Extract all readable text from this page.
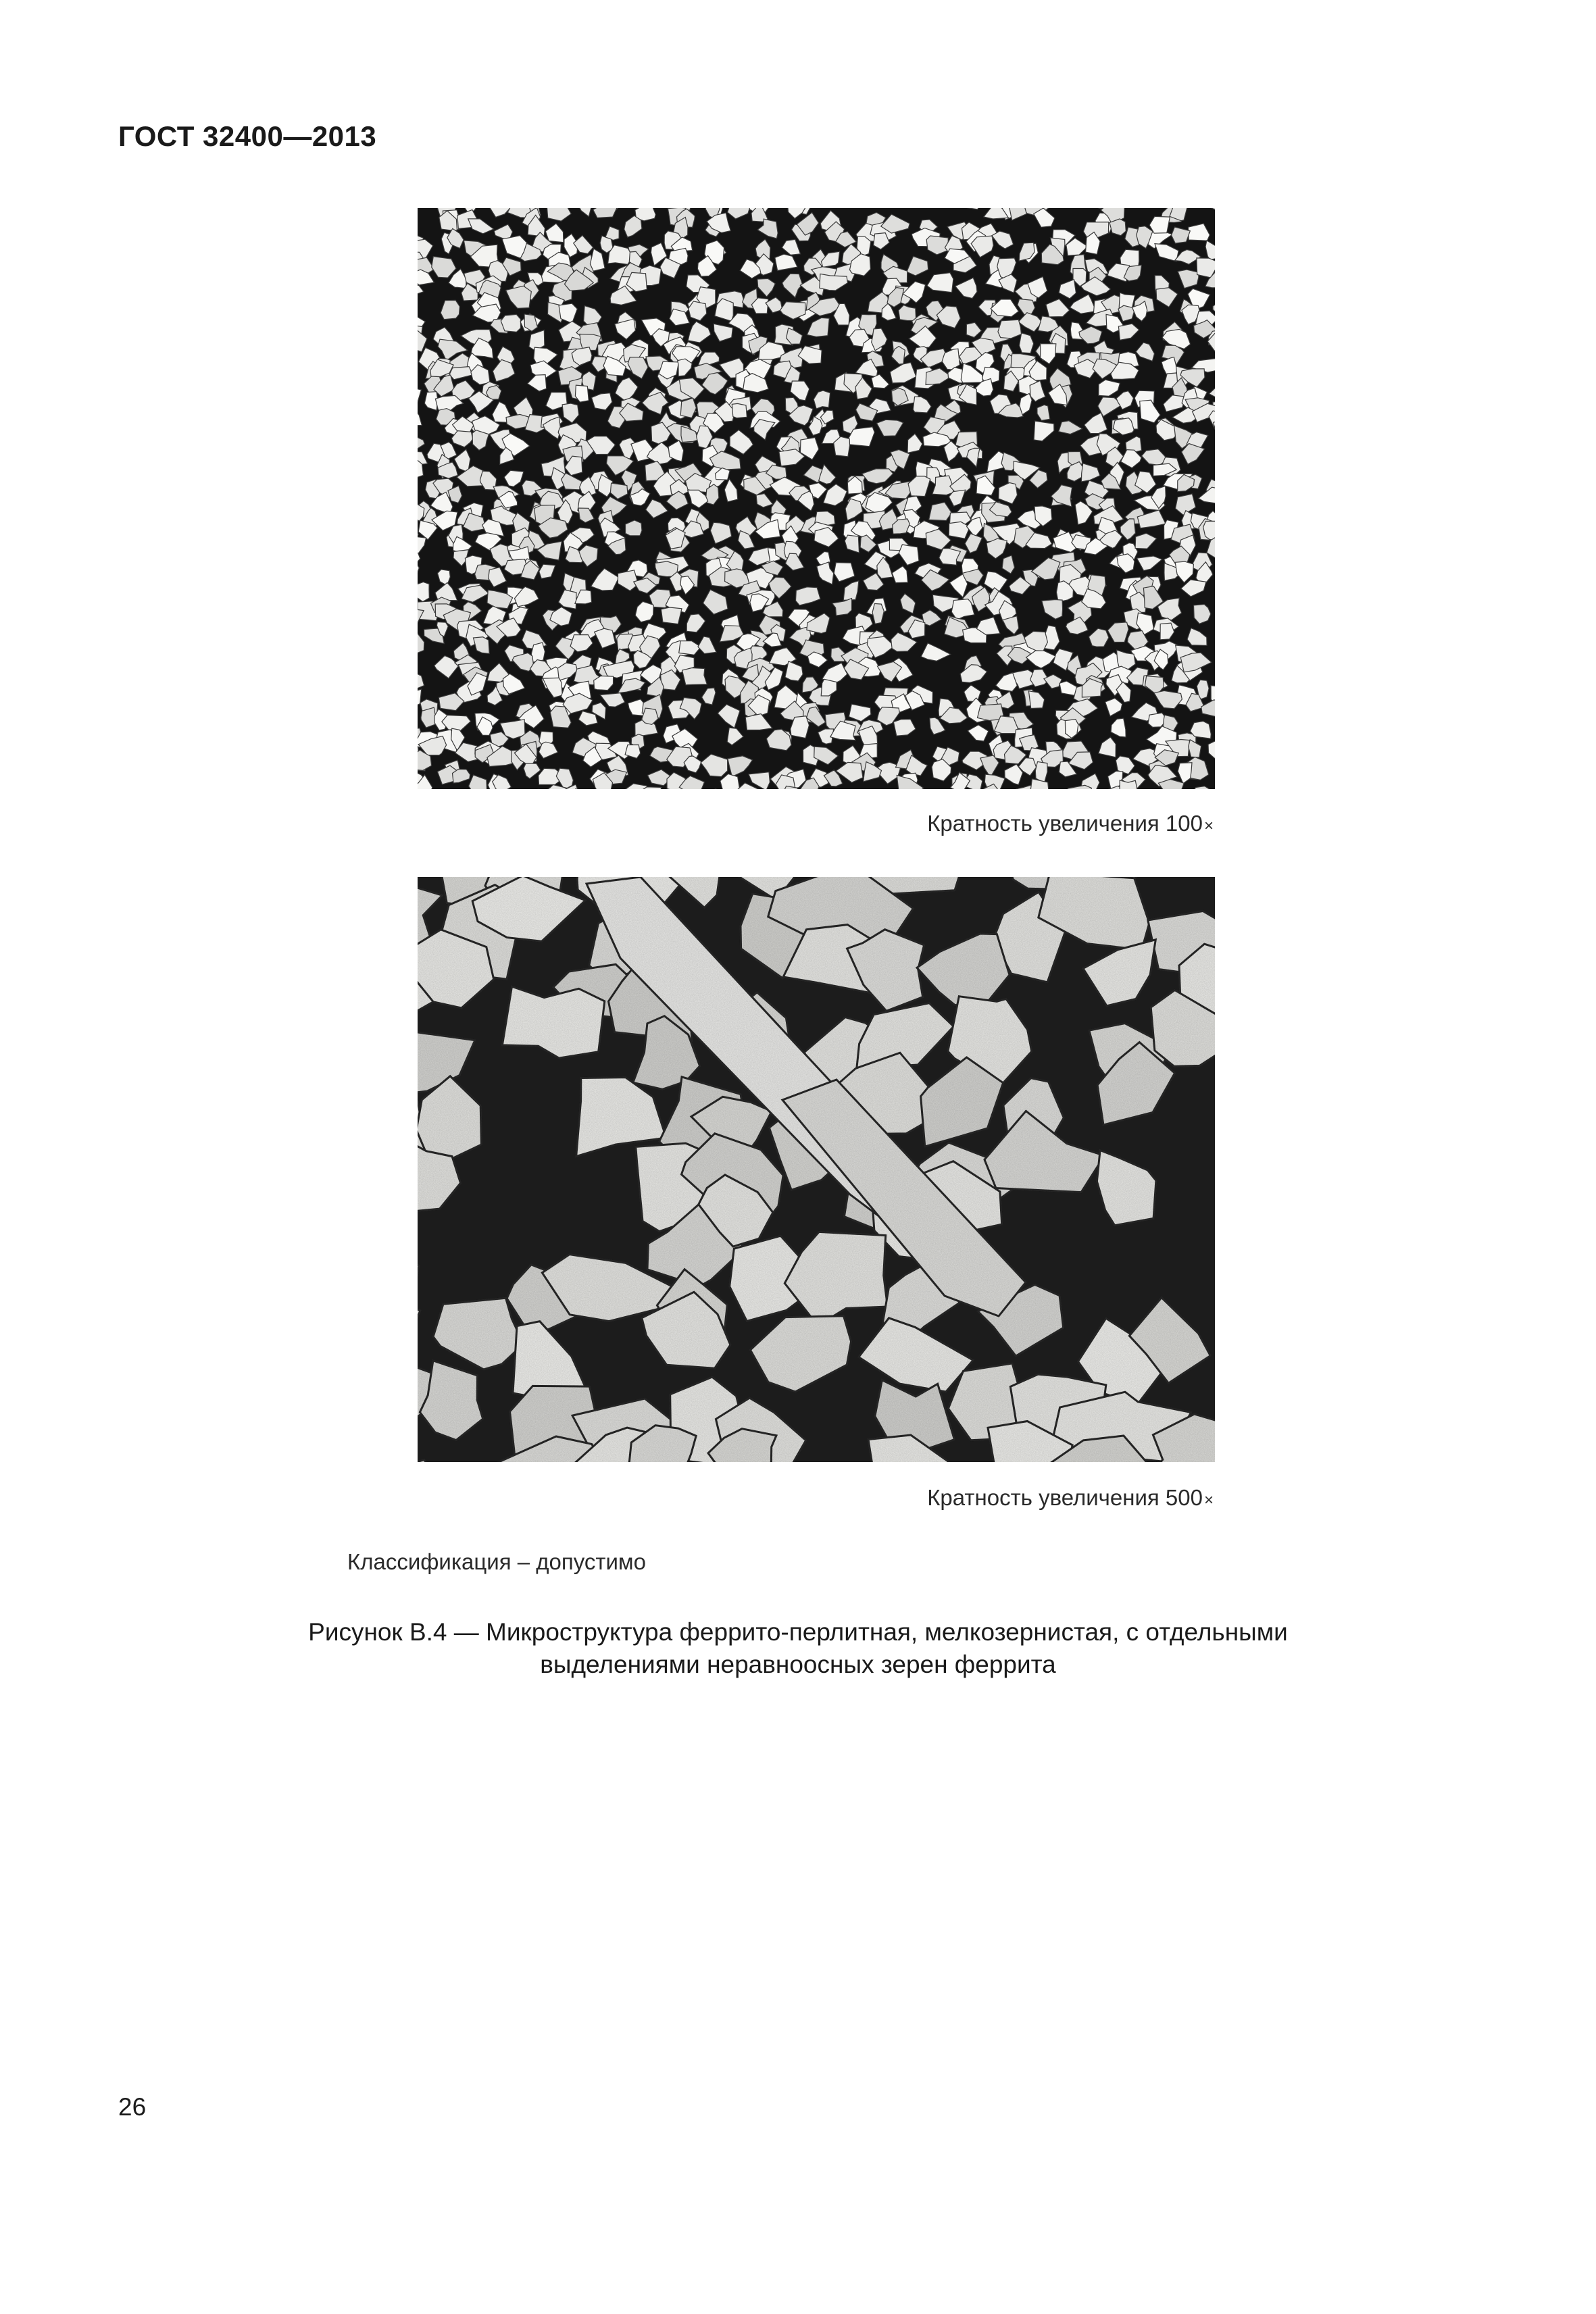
ГОСТ 32400—2013
Кратность увеличения 100×
Кратность увеличения 500×
Классификация – допустимо
Рисунок В.4 — Микроструктура феррито-перлитная, мелкозернистая, с отдельными
выделениями неравноосных зерен феррита
26
